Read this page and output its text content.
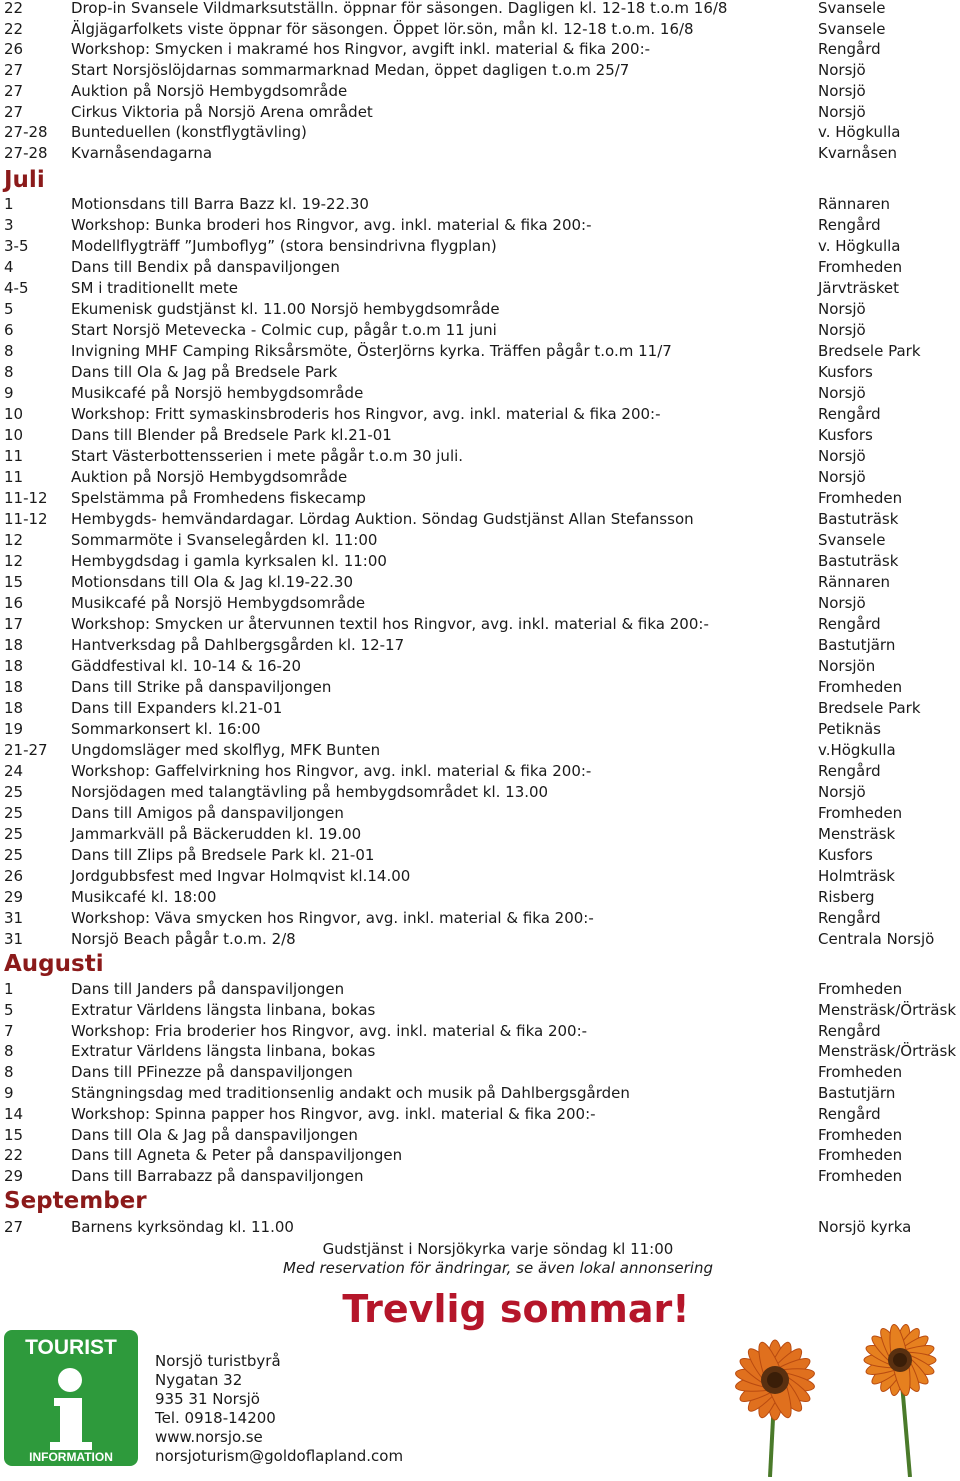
22	Drop-in Svansele Vildmarksutställn. öppnar för säsongen. Dagligen kl. 12-18 t.o.m 16/8	Svansele
22	Älgjägarfolkets viste öppnar för säsongen. Öppet lör.sön, mån kl. 12-18 t.o.m. 16/8	Svansele
26	Workshop: Smycken i makramé hos Ringvor, avgift inkl. material & fika 200:-	Rengård
27	Start Norsjöslöjdarnas sommarmarknad Medan, öppet dagligen t.o.m 25/7	Norsjö
27	Auktion på Norsjö Hembygdsområde	Norsjö
27	Cirkus Viktoria på Norsjö Arena området	Norsjö
27-28 Bunteduellen (konstflygtävling)	v. Högkulla
27-28 Kvarnåsendagarna	Kvarnåsen
Juli
1	Motionsdans till Barra Bazz kl. 19-22.30	Rännaren
3	Workshop: Bunka broderi hos Ringvor, avg. inkl. material & fika 200:-	Rengård
3-5	Modellflygträff ”Jumboflyg” (stora bensindrivna flygplan)	v. Högkulla
4	Dans till Bendix på danspaviljongen	Fromheden
4-5	SM i traditionellt mete	Järvträsket
5	Ekumenisk gudstjänst kl. 11.00 Norsjö hembygdsområde	Norsjö
6	Start Norsjö Metevecka - Colmic cup, pågår t.o.m 11 juni	Norsjö
8	Invigning MHF Camping Riksårsmöte, ÖsterJörns kyrka. Träffen pågår t.o.m 11/7	Bredsele Park
8	Dans till Ola & Jag på Bredsele Park	Kusfors
9	Musikcafé på Norsjö hembygdsområde	Norsjö
10	Workshop: Fritt symaskinsbroderis hos Ringvor, avg. inkl. material & fika 200:-	Rengård
10	Dans till Blender på Bredsele Park kl.21-01	Kusfors
11	Start Västerbottensserien i mete pågår t.o.m 30 juli.	Norsjö
11	Auktion på Norsjö Hembygdsområde	Norsjö
11-12 Spelstämma på Fromhedens fiskecamp	Fromheden
11-12 Hembygds- hemvändardagar. Lördag Auktion. Söndag Gudstjänst Allan Stefansson	Bastuträsk
12	Sommarmöte i Svanselegården kl. 11:00	Svansele
12	Hembygdsdag i gamla kyrksalen kl. 11:00	Bastuträsk
15	Motionsdans till Ola & Jag kl.19-22.30	Rännaren
16	Musikcafé på Norsjö Hembygdsområde	Norsjö
17	Workshop: Smycken ur återvunnen textil hos Ringvor, avg. inkl. material & fika 200:-	Rengård
18	Hantverksdag på Dahlbergsgården kl. 12-17	Bastutjärn
18	Gäddfestival kl. 10-14 & 16-20	Norsjön
18	Dans till Strike på danspaviljongen	Fromheden
18	Dans till Expanders kl.21-01	Bredsele Park
19	Sommarkonsert kl. 16:00	Petiknäs
21-27 Ungdomsläger med skolflyg, MFK Bunten	v.Högkulla
24	Workshop: Gaffelvirkning hos Ringvor, avg. inkl. material & fika 200:-	Rengård
25	Norsjödagen med talangtävling på hembygdsområdet kl. 13.00	Norsjö
25	Dans till Amigos på danspaviljongen	Fromheden
25	Jammarkväll på Bäckerudden kl. 19.00	Mensträsk
25	Dans till Zlips på Bredsele Park kl. 21-01	Kusfors
26	Jordgubbsfest med Ingvar Holmqvist kl.14.00	Holmträsk
29	Musikcafé kl. 18:00	Risberg
31	Workshop: Väva smycken hos Ringvor, avg. inkl. material & fika 200:-	Rengård
31	Norsjö Beach pågår t.o.m. 2/8	Centrala Norsjö
Augusti
1	Dans till Janders på danspaviljongen	Fromheden
5	Extratur Världens längsta linbana, bokas	Mensträsk/Örträsk
7	Workshop: Fria broderier hos Ringvor, avg. inkl. material & fika 200:-	Rengård
8	Extratur Världens längsta linbana, bokas	Mensträsk/Örträsk
8	Dans till PFinezze på danspaviljongen	Fromheden
9	Stängningsdag med traditionsenlig andakt och musik på Dahlbergsgården	Bastutjärn
14	Workshop: Spinna papper hos Ringvor, avg. inkl. material & fika 200:-	Rengård
15	Dans till Ola & Jag på danspaviljongen	Fromheden
22	Dans till Agneta & Peter på danspaviljongen	Fromheden
29	Dans till Barrabazz på danspaviljongen	Fromheden
September
27	Barnens kyrksöndag kl. 11.00	Norsjö kyrka
Gudstjänst i Norsjökyrka varje söndag kl 11:00
Med reservation för ändringar, se även lokal annonsering
Trevlig sommar!
TOURIST
INFORMATION
Norsjö turistbyrå
Nygatan 32
935 31 Norsjö
Tel. 0918-14200
www.norsjo.se
norsjoturism@goldoflapland.com
